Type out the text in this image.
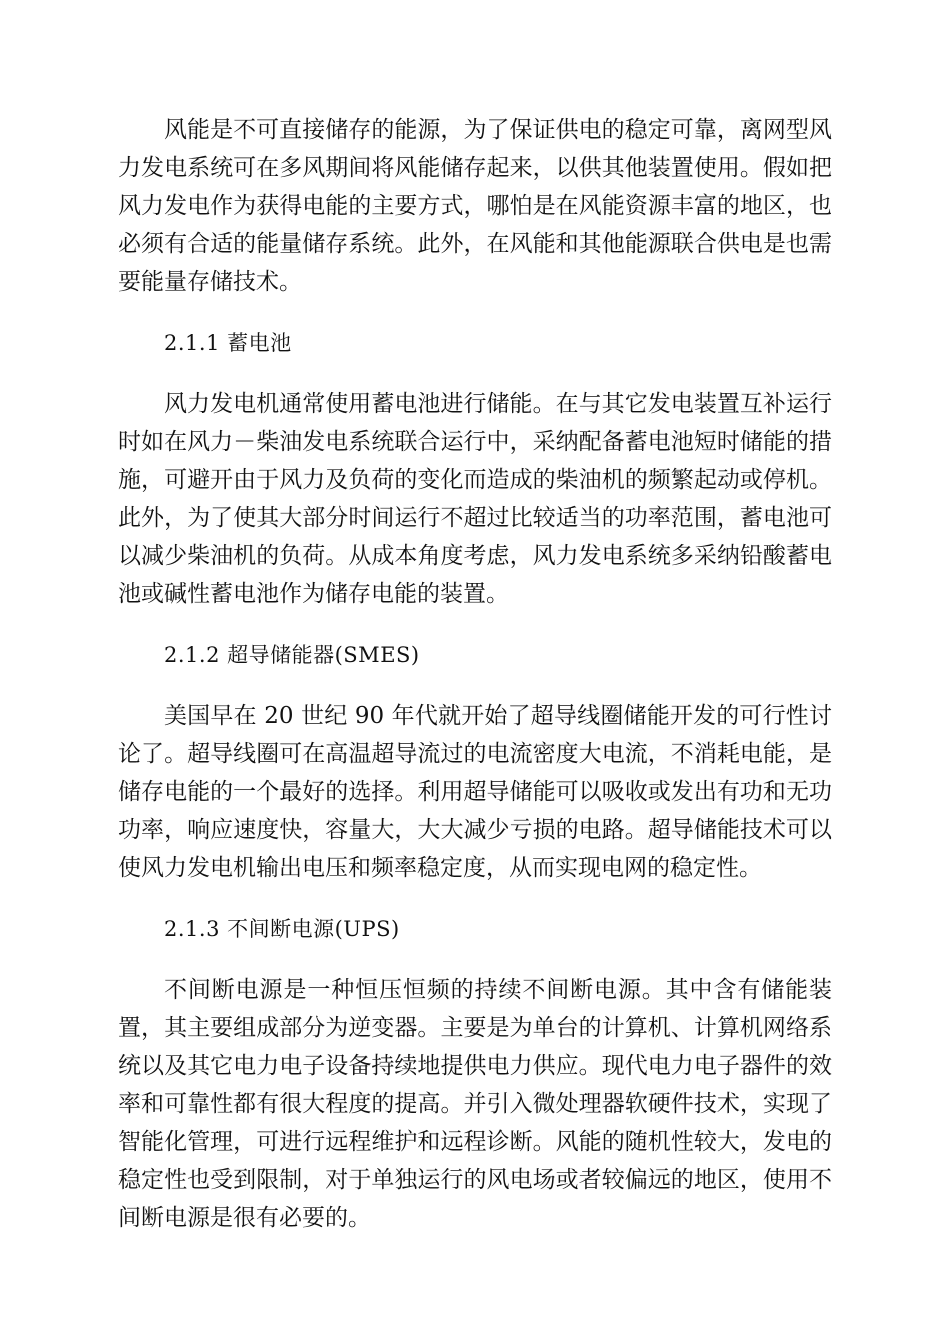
风能是不可直接储存的能源，为了保证供电的稳定可靠，离网型风力发电系统可在多风期间将风能储存起来，以供其他装置使用。假如把风力发电作为获得电能的主要方式，哪怕是在风能资源丰富的地区，也必须有合适的能量储存系统。此外，在风能和其他能源联合供电是也需要能量存储技术。

2.1.1 蓄电池

风力发电机通常使用蓄电池进行储能。在与其它发电装置互补运行时如在风力－柴油发电系统联合运行中，采纳配备蓄电池短时储能的措施，可避开由于风力及负荷的变化而造成的柴油机的频繁起动或停机。此外，为了使其大部分时间运行不超过比较适当的功率范围，蓄电池可以减少柴油机的负荷。从成本角度考虑，风力发电系统多采纳铅酸蓄电池或碱性蓄电池作为储存电能的装置。

2.1.2 超导储能器(SMES)

美国早在 20 世纪 90 年代就开始了超导线圈储能开发的可行性讨论了。超导线圈可在高温超导流过的电流密度大电流，不消耗电能，是储存电能的一个最好的选择。利用超导储能可以吸收或发出有功和无功功率，响应速度快，容量大，大大减少亏损的电路。超导储能技术可以使风力发电机输出电压和频率稳定度，从而实现电网的稳定性。

2.1.3 不间断电源(UPS)

不间断电源是一种恒压恒频的持续不间断电源。其中含有储能装置，其主要组成部分为逆变器。主要是为单台的计算机、计算机网络系统以及其它电力电子设备持续地提供电力供应。现代电力电子器件的效率和可靠性都有很大程度的提高。并引入微处理器软硬件技术，实现了智能化管理，可进行远程维护和远程诊断。风能的随机性较大，发电的稳定性也受到限制，对于单独运行的风电场或者较偏远的地区，使用不间断电源是很有必要的。
